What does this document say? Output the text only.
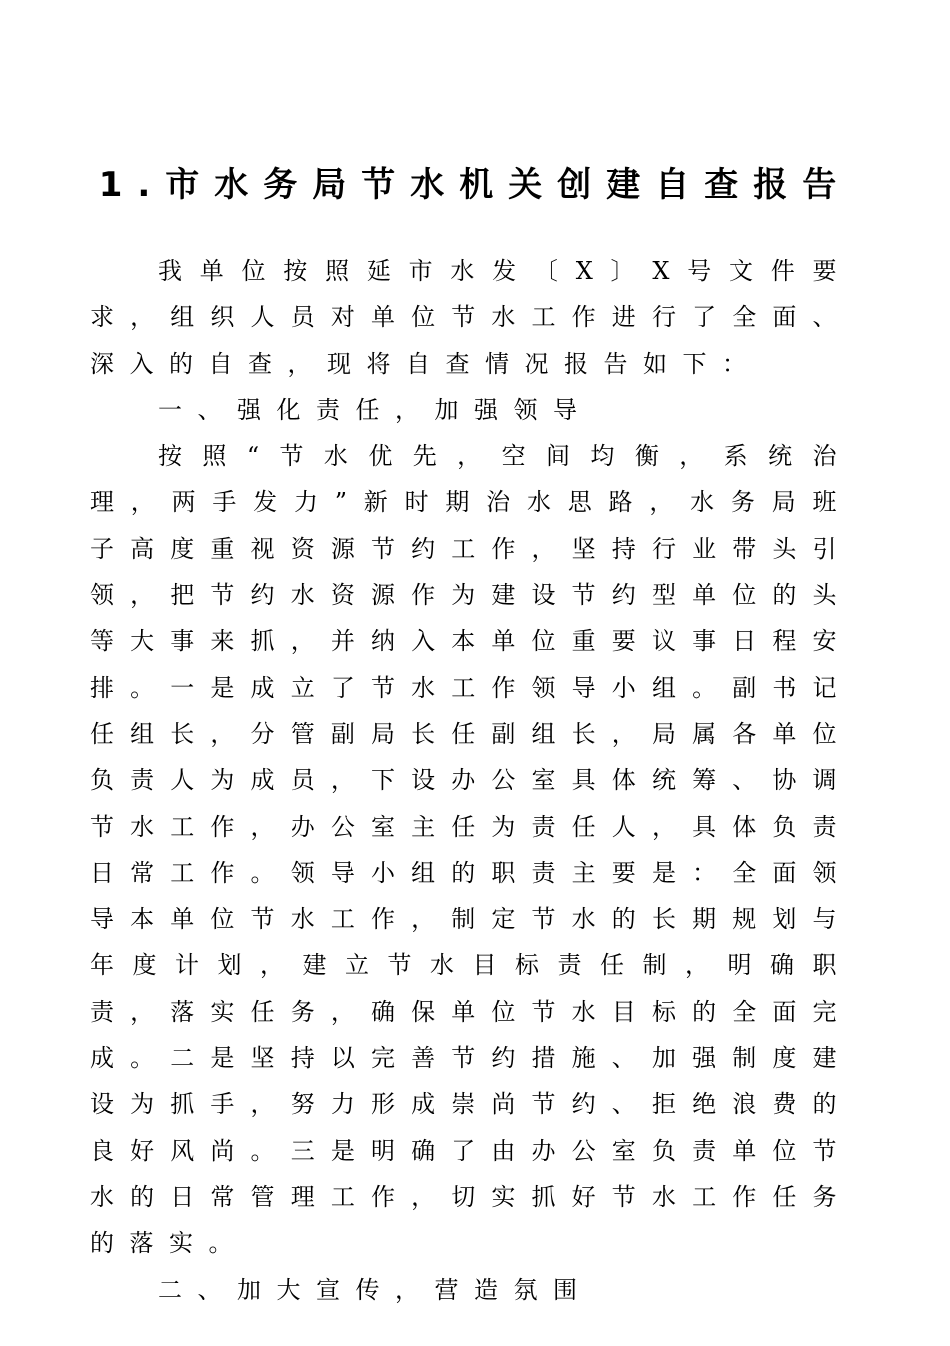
1.市水务局节水机关创建自查报告

我单位按照延市水发〔X〕X号文件要求，组织人员对单位节水工作进行了全面、深入的自查，现将自查情况报告如下：

一、强化责任，加强领导

按照“节水优先，空间均衡，系统治理，两手发力”新时期治水思路，水务局班子高度重视资源节约工作，坚持行业带头引领，把节约水资源作为建设节约型单位的头等大事来抓，并纳入本单位重要议事日程安排。一是成立了节水工作领导小组。副书记任组长，分管副局长任副组长，局属各单位负责人为成员，下设办公室具体统筹、协调节水工作，办公室主任为责任人，具体负责日常工作。领导小组的职责主要是：全面领导本单位节水工作，制定节水的长期规划与年度计划，建立节水目标责任制，明确职责，落实任务，确保单位节水目标的全面完成。二是坚持以完善节约措施、加强制度建设为抓手，努力形成崇尚节约、拒绝浪费的良好风尚。三是明确了由办公室负责单位节水的日常管理工作，切实抓好节水工作任务的落实。

二、加大宣传，营造氛围
